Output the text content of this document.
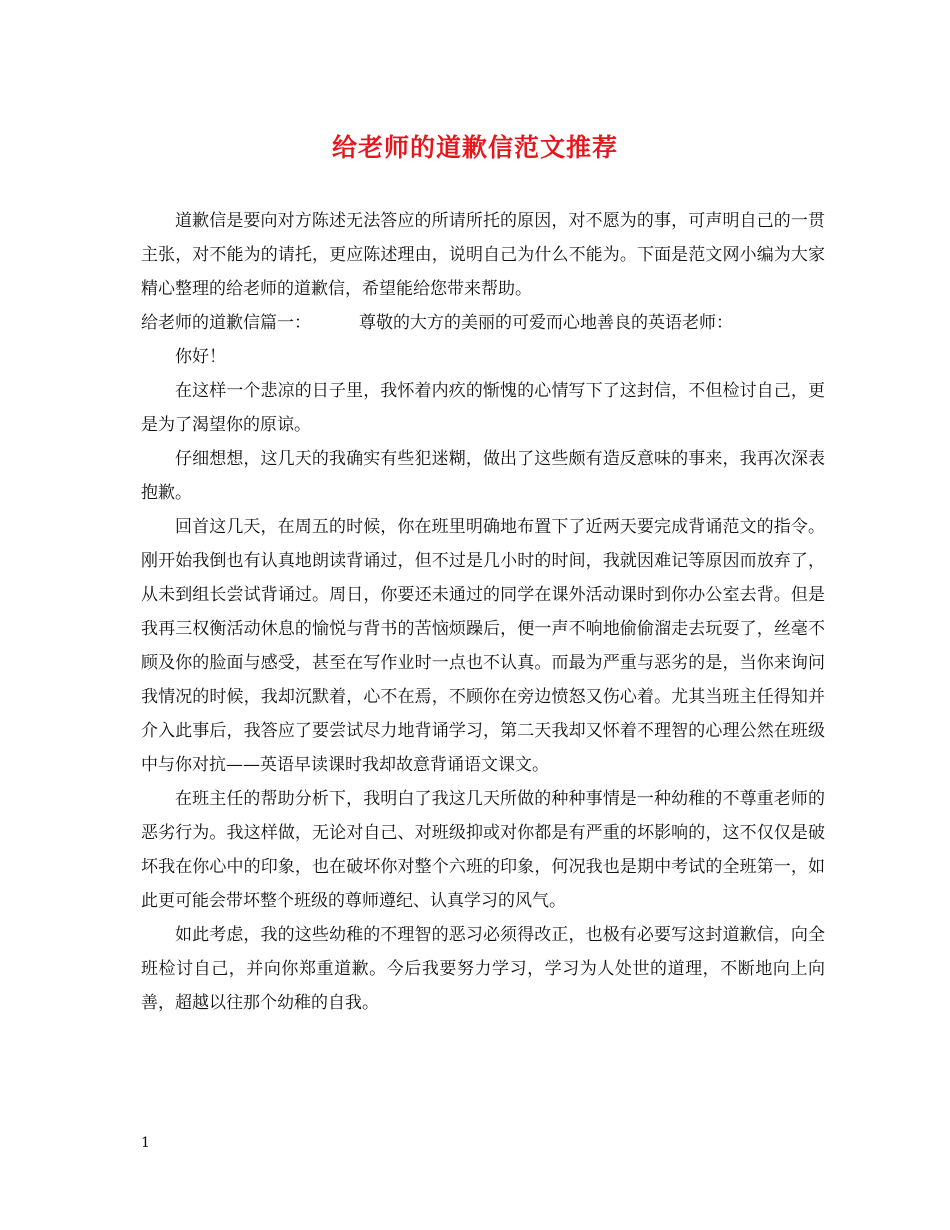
给老师的道歉信范文推荐

道歉信是要向对方陈述无法答应的所请所托的原因，对不愿为的事，可声明自己的一贯主张，对不能为的请托，更应陈述理由，说明自己为什么不能为。下面是范文网小编为大家精心整理的给老师的道歉信，希望能给您带来帮助。

给老师的道歉信篇一：	尊敬的大方的美丽的可爱而心地善良的英语老师：

你好！

在这样一个悲凉的日子里，我怀着内疚的惭愧的心情写下了这封信，不但检讨自己，更是为了渴望你的原谅。

仔细想想，这几天的我确实有些犯迷糊，做出了这些颇有造反意味的事来，我再次深表抱歉。

回首这几天，在周五的时候，你在班里明确地布置下了近两天要完成背诵范文的指令。刚开始我倒也有认真地朗读背诵过，但不过是几小时的时间，我就因难记等原因而放弃了，从未到组长尝试背诵过。周日，你要还未通过的同学在课外活动课时到你办公室去背。但是我再三权衡活动休息的愉悦与背书的苦恼烦躁后，便一声不响地偷偷溜走去玩耍了，丝毫不顾及你的脸面与感受，甚至在写作业时一点也不认真。而最为严重与恶劣的是，当你来询问我情况的时候，我却沉默着，心不在焉，不顾你在旁边愤怒又伤心着。尤其当班主任得知并介入此事后，我答应了要尝试尽力地背诵学习，第二天我却又怀着不理智的心理公然在班级中与你对抗——英语早读课时我却故意背诵语文课文。

在班主任的帮助分析下，我明白了我这几天所做的种种事情是一种幼稚的不尊重老师的恶劣行为。我这样做，无论对自己、对班级抑或对你都是有严重的坏影响的，这不仅仅是破坏我在你心中的印象，也在破坏你对整个六班的印象，何况我也是期中考试的全班第一，如此更可能会带坏整个班级的尊师遵纪、认真学习的风气。

如此考虑，我的这些幼稚的不理智的恶习必须得改正，也极有必要写这封道歉信，向全班检讨自己，并向你郑重道歉。今后我要努力学习，学习为人处世的道理，不断地向上向善，超越以往那个幼稚的自我。

1
